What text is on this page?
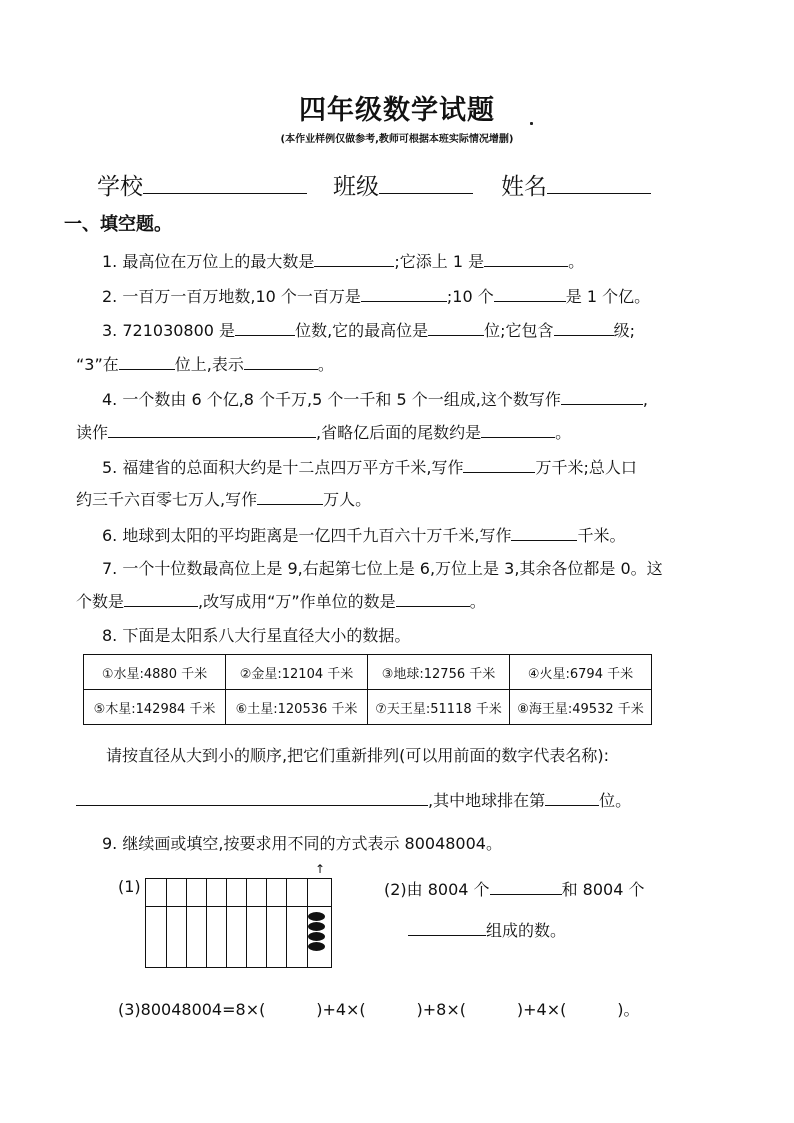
四年级数学试题
(本作业样例仅做参考,教师可根据本班实际情况增删)
学校	班级	姓名
一、填空题。
1. 最高位在万位上的最大数是	;它添上 1 是	。
2. 一百万一百万地数,10 个一百万是	;10 个	是 1 个亿。
3. 721030800 是	位数,它的最高位是	位;它包含	级;
“3”在	位上,表示	。
4. 一个数由 6 个亿,8 个千万,5 个一千和 5 个一组成,这个数写作	,
读作	,省略亿后面的尾数约是	。
5. 福建省的总面积大约是十二点四万平方千米,写作	万千米;总人口
约三千六百零七万人,写作	万人。
6. 地球到太阳的平均距离是一亿四千九百六十万千米,写作	千米。
7. 一个十位数最高位上是 9,右起第七位上是 6,万位上是 3,其余各位都是 0。这
个数是	,改写成用“万”作单位的数是	。
8. 下面是太阳系八大行星直径大小的数据。
①水星:4880 千米	②金星:12104 千米	③地球:12756 千米	④火星:6794 千米
⑤木星:142984 千米	⑥土星:120536 千米	⑦天王星:51118 千米	⑧海王星:49532 千米
请按直径从大到小的顺序,把它们重新排列(可以用前面的数字代表名称):
,其中地球排在第	位。
9. 继续画或填空,按要求用不同的方式表示 80048004。
(1)
↑
(2)由 8004 个	和 8004 个
组成的数。
(3)80048004=8×(          )+4×(          )+8×(          )+4×(          )。
